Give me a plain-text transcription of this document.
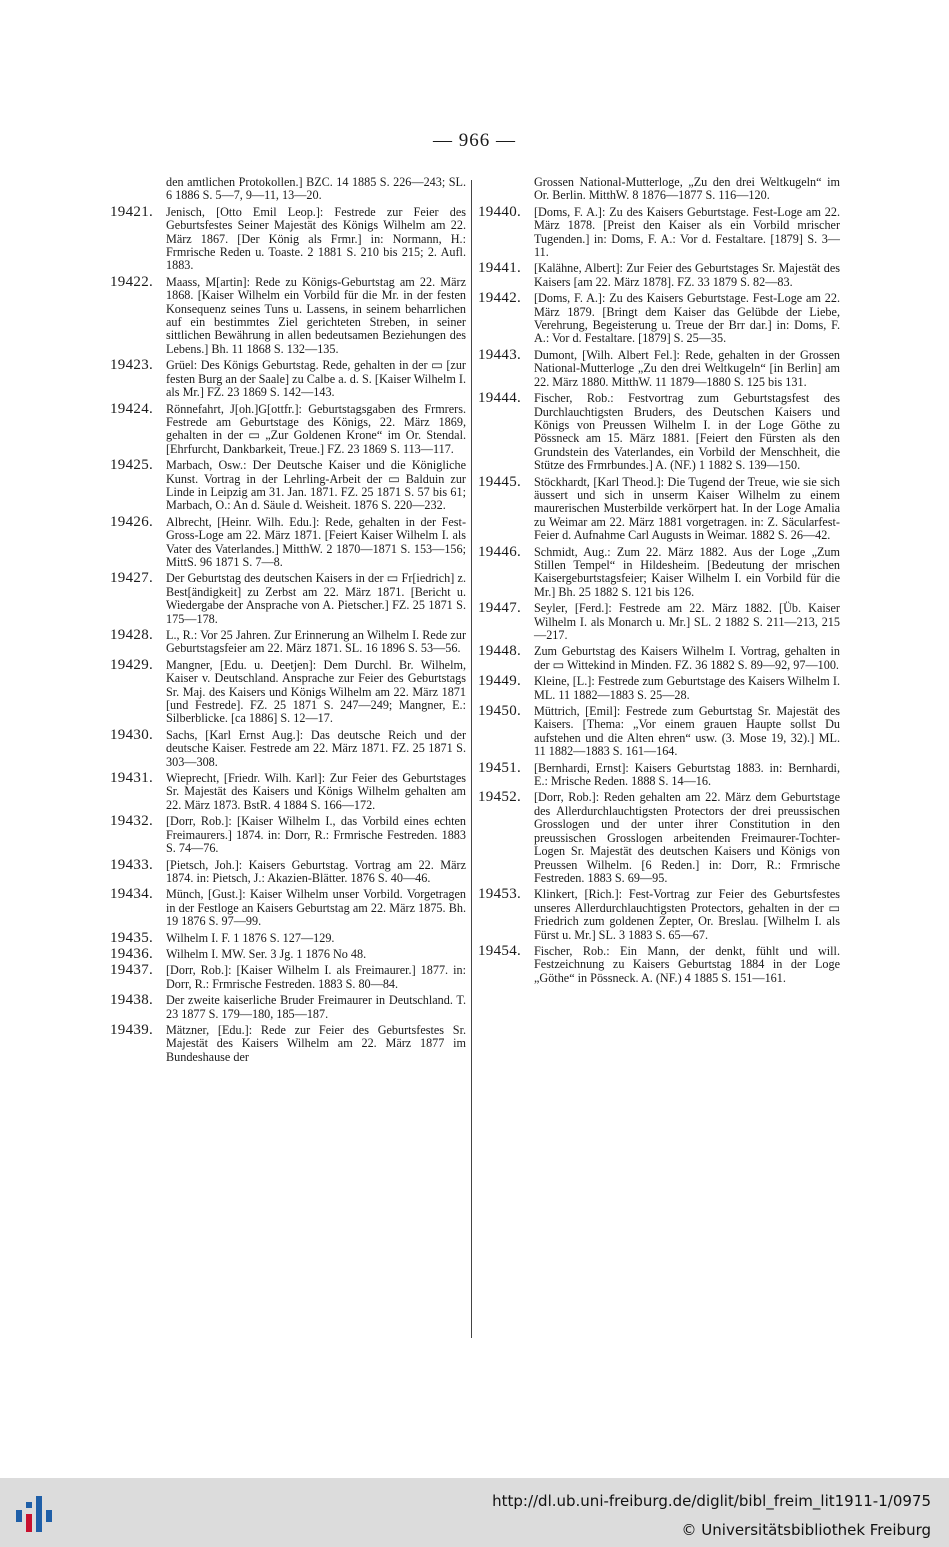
— 966 —
den amtlichen Protokollen.] BZC. 14 1885 S. 226—243; SL. 6 1886 S. 5—7, 9—11, 13—20.
19421.	Jenisch, [Otto Emil Leop.]: Festrede zur Feier des Geburtsfestes Seiner Majestät des Königs Wilhelm am 22. März 1867. [Der König als Frmr.] in: Normann, H.: Frmrische Reden u. Toaste. 2 1881 S. 210 bis 215; 2. Aufl. 1883.
19422.	Maass, M[artin]: Rede zu Königs-Geburtstag am 22. März 1868. [Kaiser Wilhelm ein Vorbild für die Mr. in der festen Konsequenz seines Tuns u. Lassens, in seinem beharrlichen auf ein bestimmtes Ziel gerichteten Streben, in seiner sittlichen Bewährung in allen bedeutsamen Beziehungen des Lebens.] Bh. 11 1868 S. 132—135.
19423.	Grüel: Des Königs Geburtstag. Rede, gehalten in der ▭ [zur festen Burg an der Saale] zu Calbe a. d. S. [Kaiser Wilhelm I. als Mr.] FZ. 23 1869 S. 142—143.
19424.	Rönnefahrt, J[oh.]G[ottfr.]: Geburtstagsgaben des Frmrers. Festrede am Geburtstage des Königs, 22. März 1869, gehalten in der ▭ „Zur Goldenen Krone“ im Or. Stendal. [Ehrfurcht, Dankbarkeit, Treue.] FZ. 23 1869 S. 113—117.
19425.	Marbach, Osw.: Der Deutsche Kaiser und die Königliche Kunst. Vortrag in der Lehrling-Arbeit der ▭ Balduin zur Linde in Leipzig am 31. Jan. 1871. FZ. 25 1871 S. 57 bis 61; Marbach, O.: An d. Säule d. Weisheit. 1876 S. 220—232.
19426.	Albrecht, [Heinr. Wilh. Edu.]: Rede, gehalten in der Fest-Gross-Loge am 22. März 1871. [Feiert Kaiser Wilhelm I. als Vater des Vaterlandes.] MitthW. 2 1870—1871 S. 153—156; MittS. 96 1871 S. 7—8.
19427.	Der Geburtstag des deutschen Kaisers in der ▭ Fr[iedrich] z. Best[ändigkeit] zu Zerbst am 22. März 1871. [Bericht u. Wiedergabe der Ansprache von A. Pietscher.] FZ. 25 1871 S. 175—178.
19428.	L., R.: Vor 25 Jahren. Zur Erinnerung an Wilhelm I. Rede zur Geburtstagsfeier am 22. März 1871. SL. 16 1896 S. 53—56.
19429.	Mangner, [Edu. u. Deetjen]: Dem Durchl. Br. Wilhelm, Kaiser v. Deutschland. Ansprache zur Feier des Geburtstags Sr. Maj. des Kaisers und Königs Wilhelm am 22. März 1871 [und Festrede]. FZ. 25 1871 S. 247—249; Mangner, E.: Silberblicke. [ca 1886] S. 12—17.
19430.	Sachs, [Karl Ernst Aug.]: Das deutsche Reich und der deutsche Kaiser. Festrede am 22. März 1871. FZ. 25 1871 S. 303—308.
19431.	Wieprecht, [Friedr. Wilh. Karl]: Zur Feier des Geburtstages Sr. Majestät des Kaisers und Königs Wilhelm gehalten am 22. März 1873. BstR. 4 1884 S. 166—172.
19432.	[Dorr, Rob.]: [Kaiser Wilhelm I., das Vorbild eines echten Freimaurers.] 1874. in: Dorr, R.: Frmrische Festreden. 1883 S. 74—76.
19433.	[Pietsch, Joh.]: Kaisers Geburtstag. Vortrag am 22. März 1874. in: Pietsch, J.: Akazien-Blätter. 1876 S. 40—46.
19434.	Münch, [Gust.]: Kaiser Wilhelm unser Vorbild. Vorgetragen in der Festloge an Kaisers Geburtstag am 22. März 1875. Bh. 19 1876 S. 97—99.
19435.	Wilhelm I. F. 1 1876 S. 127—129.
19436.	Wilhelm I. MW. Ser. 3 Jg. 1 1876 No 48.
19437.	[Dorr, Rob.]: [Kaiser Wilhelm I. als Freimaurer.] 1877. in: Dorr, R.: Frmrische Festreden. 1883 S. 80—84.
19438.	Der zweite kaiserliche Bruder Freimaurer in Deutschland. T. 23 1877 S. 179—180, 185—187.
19439.	Mätzner, [Edu.]: Rede zur Feier des Geburtsfestes Sr. Majestät des Kaisers Wilhelm am 22. März 1877 im Bundeshause der
Grossen National-Mutterloge, „Zu den drei Weltkugeln“ im Or. Berlin. MitthW. 8 1876—1877 S. 116—120.
19440.	[Doms, F. A.]: Zu des Kaisers Geburtstage. Fest-Loge am 22. März 1878. [Preist den Kaiser als ein Vorbild mrischer Tugenden.] in: Doms, F. A.: Vor d. Festaltare. [1879] S. 3—11.
19441.	[Kalähne, Albert]: Zur Feier des Geburtstages Sr. Majestät des Kaisers [am 22. März 1878]. FZ. 33 1879 S. 82—83.
19442.	[Doms, F. A.]: Zu des Kaisers Geburtstage. Fest-Loge am 22. März 1879. [Bringt dem Kaiser das Gelübde der Liebe, Verehrung, Begeisterung u. Treue der Brr dar.] in: Doms, F. A.: Vor d. Festaltare. [1879] S. 25—35.
19443.	Dumont, [Wilh. Albert Fel.]: Rede, gehalten in der Grossen National-Mutterloge „Zu den drei Weltkugeln“ [in Berlin] am 22. März 1880. MitthW. 11 1879—1880 S. 125 bis 131.
19444.	Fischer, Rob.: Festvortrag zum Geburtstagsfest des Durchlauchtigsten Bruders, des Deutschen Kaisers und Königs von Preussen Wilhelm I. in der Loge Göthe zu Pössneck am 15. März 1881. [Feiert den Fürsten als den Grundstein des Vaterlandes, ein Vorbild der Menschheit, die Stütze des Frmrbundes.] A. (NF.) 1 1882 S. 139—150.
19445.	Stöckhardt, [Karl Theod.]: Die Tugend der Treue, wie sie sich äussert und sich in unserm Kaiser Wilhelm zu einem maurerischen Musterbilde verkörpert hat. In der Loge Amalia zu Weimar am 22. März 1881 vorgetragen. in: Z. Säcularfest-Feier d. Aufnahme Carl Augusts in Weimar. 1882 S. 26—42.
19446.	Schmidt, Aug.: Zum 22. März 1882. Aus der Loge „Zum Stillen Tempel“ in Hildesheim. [Bedeutung der mrischen Kaisergeburtstagsfeier; Kaiser Wilhelm I. ein Vorbild für die Mr.] Bh. 25 1882 S. 121 bis 126.
19447.	Seyler, [Ferd.]: Festrede am 22. März 1882. [Üb. Kaiser Wilhelm I. als Monarch u. Mr.] SL. 2 1882 S. 211—213, 215—217.
19448.	Zum Geburtstag des Kaisers Wilhelm I. Vortrag, gehalten in der ▭ Wittekind in Minden. FZ. 36 1882 S. 89—92, 97—100.
19449.	Kleine, [L.]: Festrede zum Geburtstage des Kaisers Wilhelm I. ML. 11 1882—1883 S. 25—28.
19450.	Müttrich, [Emil]: Festrede zum Geburtstag Sr. Majestät des Kaisers. [Thema: „Vor einem grauen Haupte sollst Du aufstehen und die Alten ehren“ usw. (3. Mose 19, 32).] ML. 11 1882—1883 S. 161—164.
19451.	[Bernhardi, Ernst]: Kaisers Geburtstag 1883. in: Bernhardi, E.: Mrische Reden. 1888 S. 14—16.
19452.	[Dorr, Rob.]: Reden gehalten am 22. März dem Geburtstage des Allerdurchlauchtigsten Protectors der drei preussischen Grosslogen und der unter ihrer Constitution in den preussischen Grosslogen arbeitenden Freimaurer-Tochter-Logen Sr. Majestät des deutschen Kaisers und Königs von Preussen Wilhelm. [6 Reden.] in: Dorr, R.: Frmrische Festreden. 1883 S. 69—95.
19453.	Klinkert, [Rich.]: Fest-Vortrag zur Feier des Geburtsfestes unseres Allerdurchlauchtigsten Protectors, gehalten in der ▭ Friedrich zum goldenen Zepter, Or. Breslau. [Wilhelm I. als Fürst u. Mr.] SL. 3 1883 S. 65—67.
19454.	Fischer, Rob.: Ein Mann, der denkt, fühlt und will. Festzeichnung zu Kaisers Geburtstag 1884 in der Loge „Göthe“ in Pössneck. A. (NF.) 4 1885 S. 151—161.
http://dl.ub.uni-freiburg.de/diglit/bibl_freim_lit1911-1/0975
© Universitätsbibliothek Freiburg
